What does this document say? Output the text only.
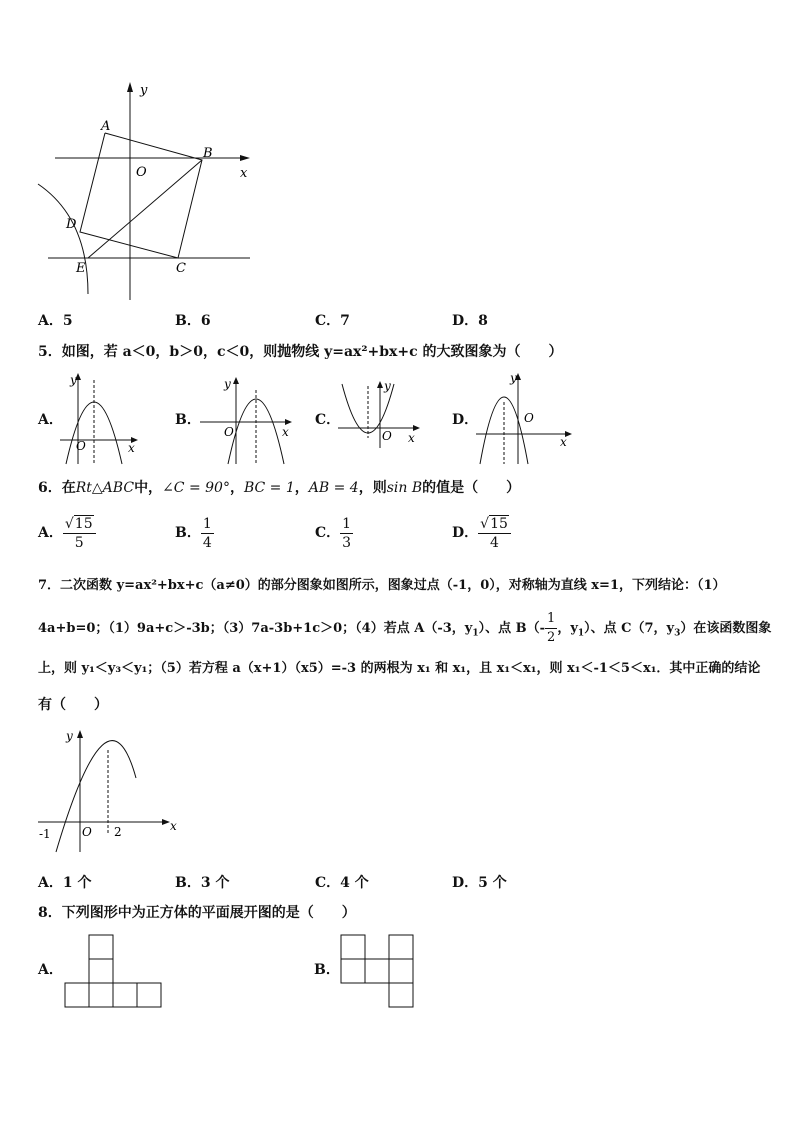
y
x
A
B
O
D
E	C
A．5	B．6	C．7	D．8
5．如图，若 a＜0，b＞0，c＜0，则抛物线 y=ax²+bx+c 的大致图象为（　　）
A．
y
O	x
B．
y
O	x
C．
y
O x
D．
y
O
x
6．在Rt△ABC中，∠C = 90°，BC = 1，AB = 4，则sin B的值是（　　）
A． $\frac{√15}{5}$	B． $\frac{1}{4}$	C． $\frac{1}{3}$	D． $\frac{√15}{4}$
7．二次函数 y=ax²+bx+c（a≠0）的部分图象如图所示，图象过点（-1，0），对称轴为直线 x=1，下列结论：（1）
4a+b=0；（1）9a+c＞-3b；（3）7a-3b+1c＞0；（4）若点 A（-3，$y_1$）、点 $B(- \frac{1}{2}$ ，$y_1$）、点 C（7，$y_3$）在该函数图象
上，则 y₁＜y₃＜y₁；（5）若方程 a（x+1）（x5）=-3 的两根为 x₁ 和 x₁，且 x₁＜x₁，则 x₁＜-1＜5＜x₁．其中正确的结论
有（　　）
y
x
O
-1	2
A．1 个	B．3 个	C．4 个	D．5 个
8．下列图形中为正方体的平面展开图的是（　　）
A．	B．
